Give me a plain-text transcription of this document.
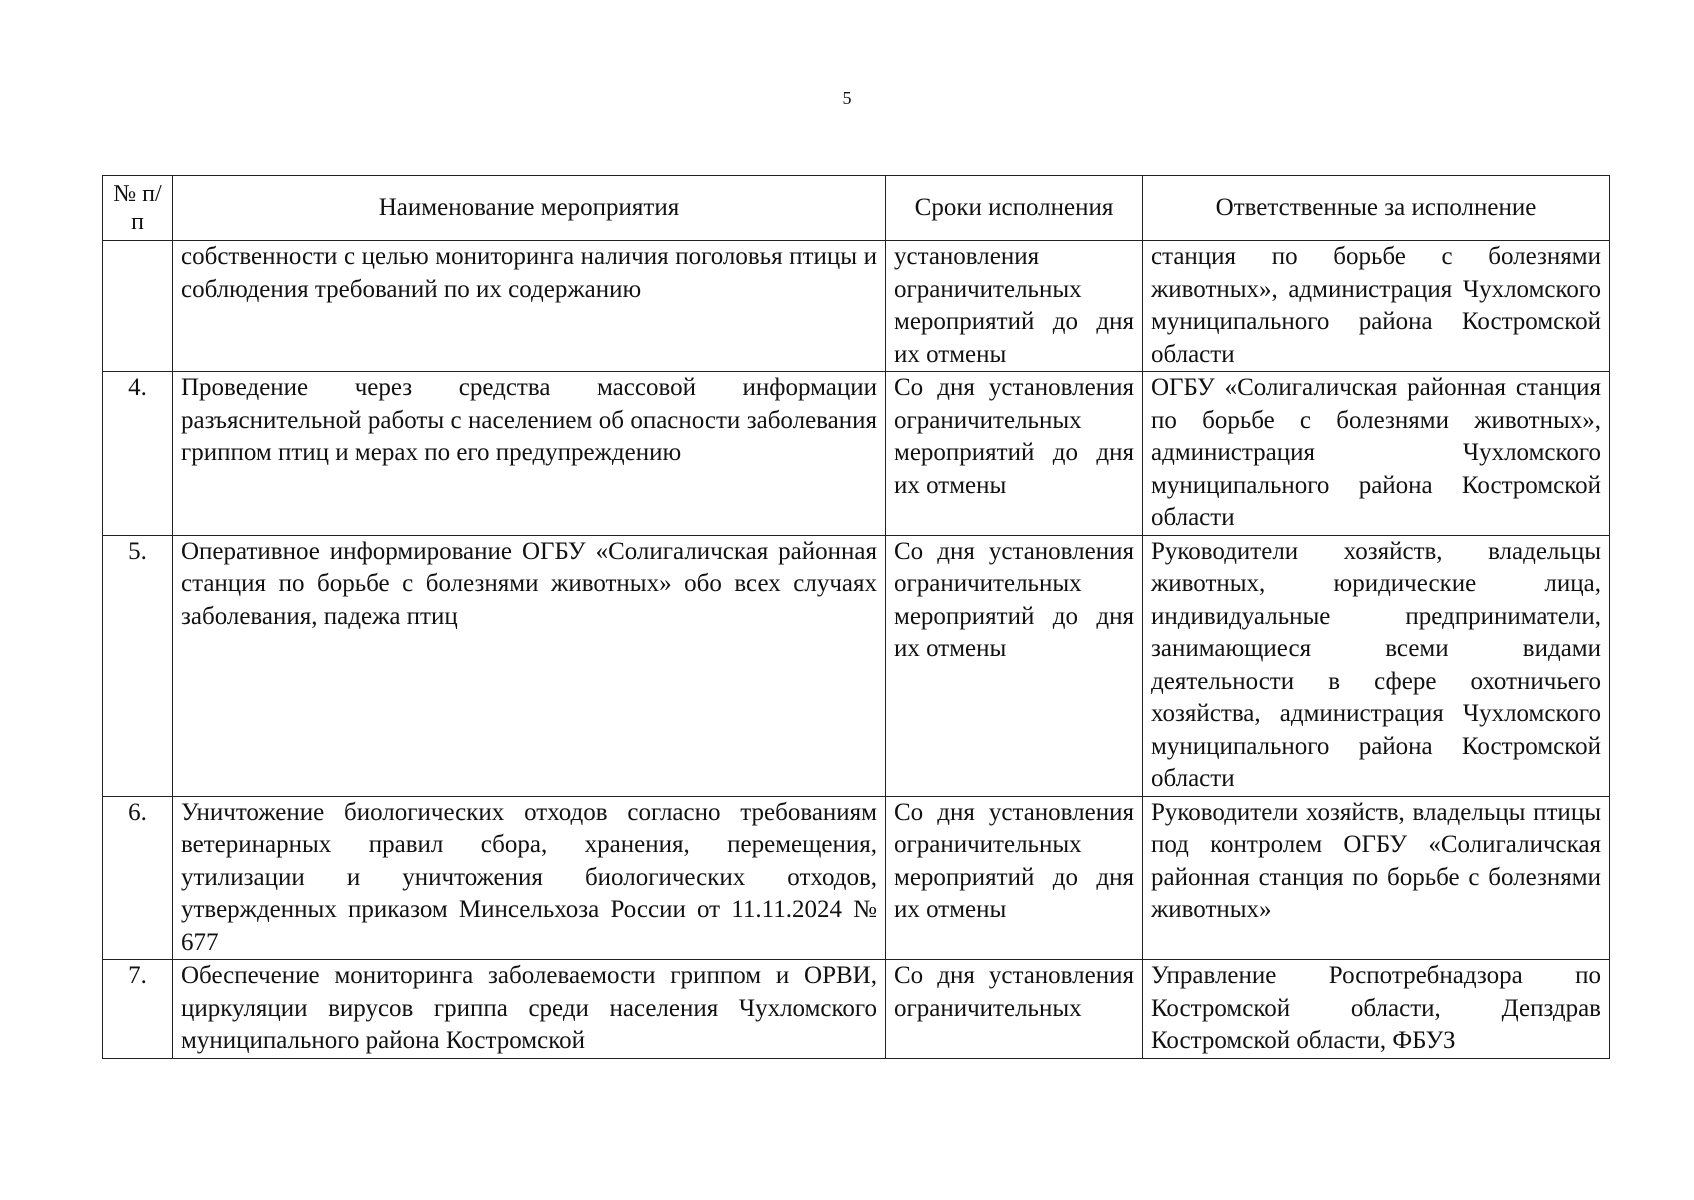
5
№ п/п	Наименование мероприятия	Сроки исполнения	Ответственные за исполнение
	собственности с целью мониторинга наличия поголовья птицы и соблюдения требований по их содержанию	установления ограничительных мероприятий до дня их отмены	станция по борьбе с болезнями животных», администрация Чухломского муниципального района Костромской области
4.	Проведение через средства массовой информации разъяснительной работы с населением об опасности заболевания гриппом птиц и мерах по его предупреждению	Со дня установления ограничительных мероприятий до дня их отмены	ОГБУ «Солигаличская районная станция по борьбе с болезнями животных», администрация Чухломского муниципального района Костромской области
5.	Оперативное информирование ОГБУ «Солигаличская районная станция по борьбе с болезнями животных» обо всех случаях заболевания, падежа птиц	Со дня установления ограничительных мероприятий до дня их отмены	Руководители хозяйств, владельцы животных, юридические лица, индивидуальные предприниматели, занимающиеся всеми видами деятельности в сфере охотничьего хозяйства, администрация Чухломского муниципального района Костромской области
6.	Уничтожение биологических отходов согласно требованиям ветеринарных правил сбора, хранения, перемещения, утилизации и уничтожения биологических отходов, утвержденных приказом Минсельхоза России от 11.11.2024 № 677	Со дня установления ограничительных мероприятий до дня их отмены	Руководители хозяйств, владельцы птицы под контролем ОГБУ «Солигаличская районная станция по борьбе с болезнями животных»
7.	Обеспечение мониторинга заболеваемости гриппом и ОРВИ, циркуляции вирусов гриппа среди населения Чухломского муниципального района Костромской	Со дня установления ограничительных	Управление Роспотребнадзора по Костромской области, Депздрав Костромской области, ФБУЗ
